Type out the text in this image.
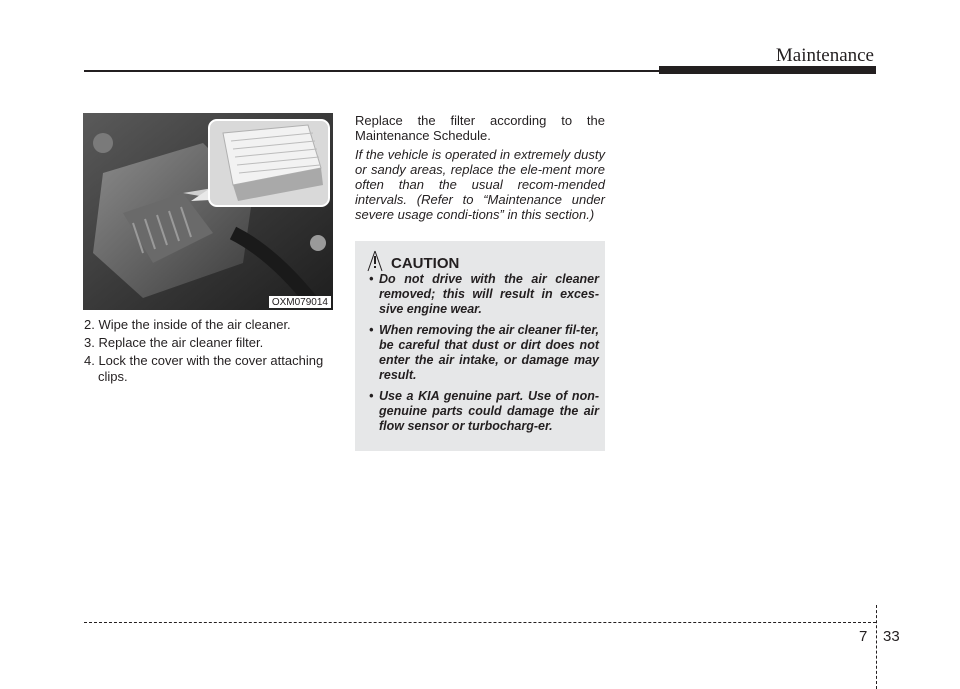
Maintenance
OXM079014
2. Wipe the inside of the air cleaner.
3. Replace the air cleaner filter.
4. Lock the cover with the cover attaching clips.

Replace the filter according to the Maintenance Schedule.

If the vehicle is operated in extremely dusty or sandy areas, replace the ele-ment more often than the usual recom-mended intervals. (Refer to “Maintenance under severe usage condi-tions” in this section.)

CAUTION
• Do not drive with the air cleaner removed; this will result in exces-sive engine wear.
• When removing the air cleaner fil-ter, be careful that dust or dirt does not enter the air intake, or damage may result.
• Use a KIA genuine part. Use of non-genuine parts could damage the air flow sensor or turbocharg-er.
7 33
